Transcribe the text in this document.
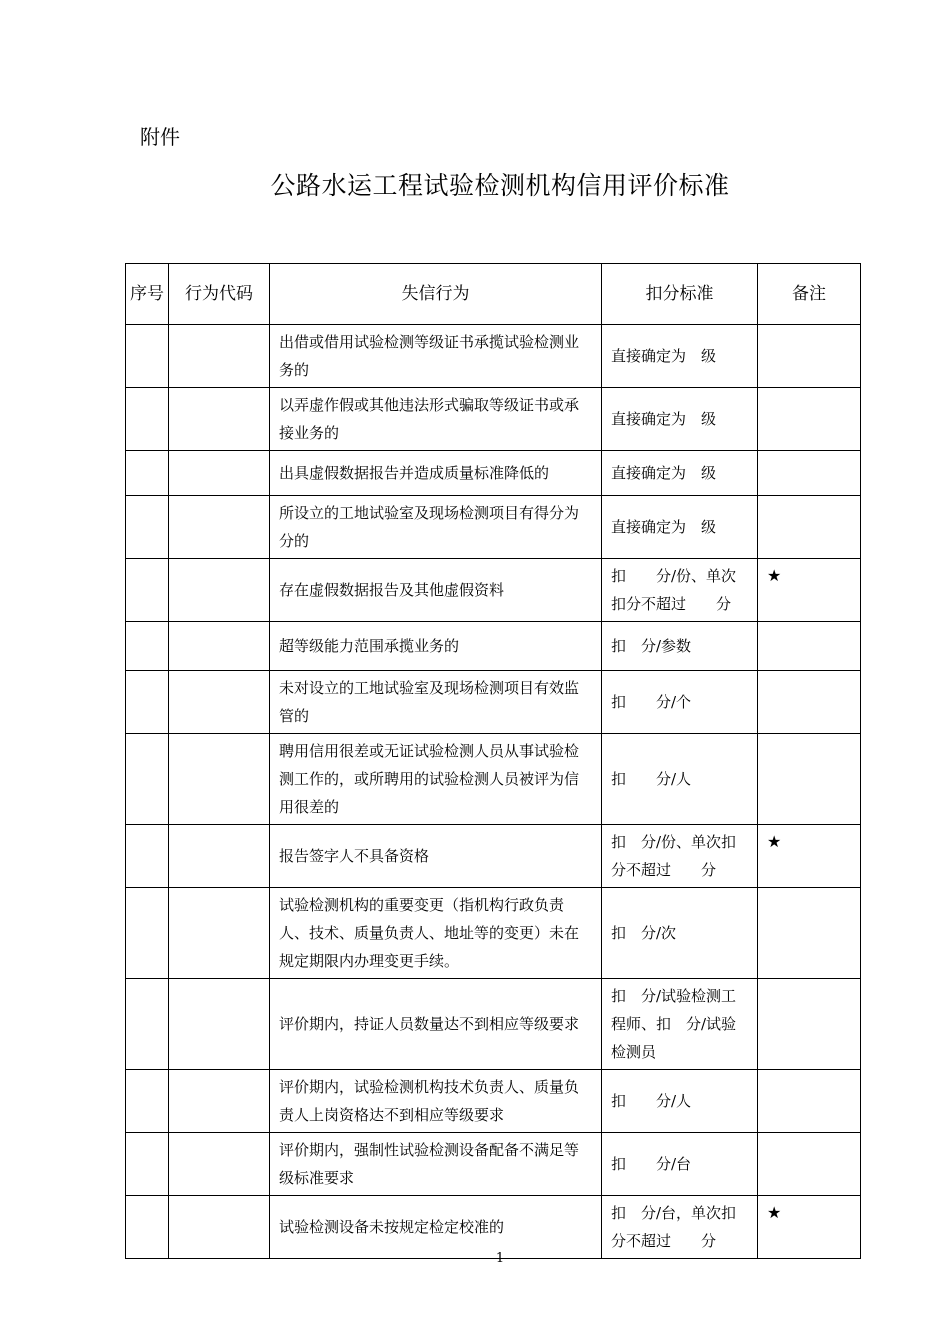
附件
公路水运工程试验检测机构信用评价标准
序号	行为代码	失信行为	扣分标准	备注
		出借或借用试验检测等级证书承揽试验检测业务的	直接确定为　级	
		以弄虚作假或其他违法形式骗取等级证书或承接业务的	直接确定为　级	
		出具虚假数据报告并造成质量标准降低的	直接确定为　级	
		所设立的工地试验室及现场检测项目有得分为　分的	直接确定为　级	
		存在虚假数据报告及其他虚假资料	扣　　分/份、单次扣分不超过　　分	★
		超等级能力范围承揽业务的	扣　分/参数	
		未对设立的工地试验室及现场检测项目有效监管的	扣　　分/个	
		聘用信用很差或无证试验检测人员从事试验检测工作的，或所聘用的试验检测人员被评为信用很差的	扣　　分/人	
		报告签字人不具备资格	扣　分/份、单次扣分不超过　　分	★
		试验检测机构的重要变更（指机构行政负责人、技术、质量负责人、地址等的变更）未在规定期限内办理变更手续。	扣　分/次	
		评价期内，持证人员数量达不到相应等级要求	扣　分/试验检测工程师、扣　分/试验检测员	
		评价期内，试验检测机构技术负责人、质量负责人上岗资格达不到相应等级要求	扣　　分/人	
		评价期内，强制性试验检测设备配备不满足等级标准要求	扣　　分/台	
		试验检测设备未按规定检定校准的	扣　分/台，单次扣分不超过　　分	★
1
